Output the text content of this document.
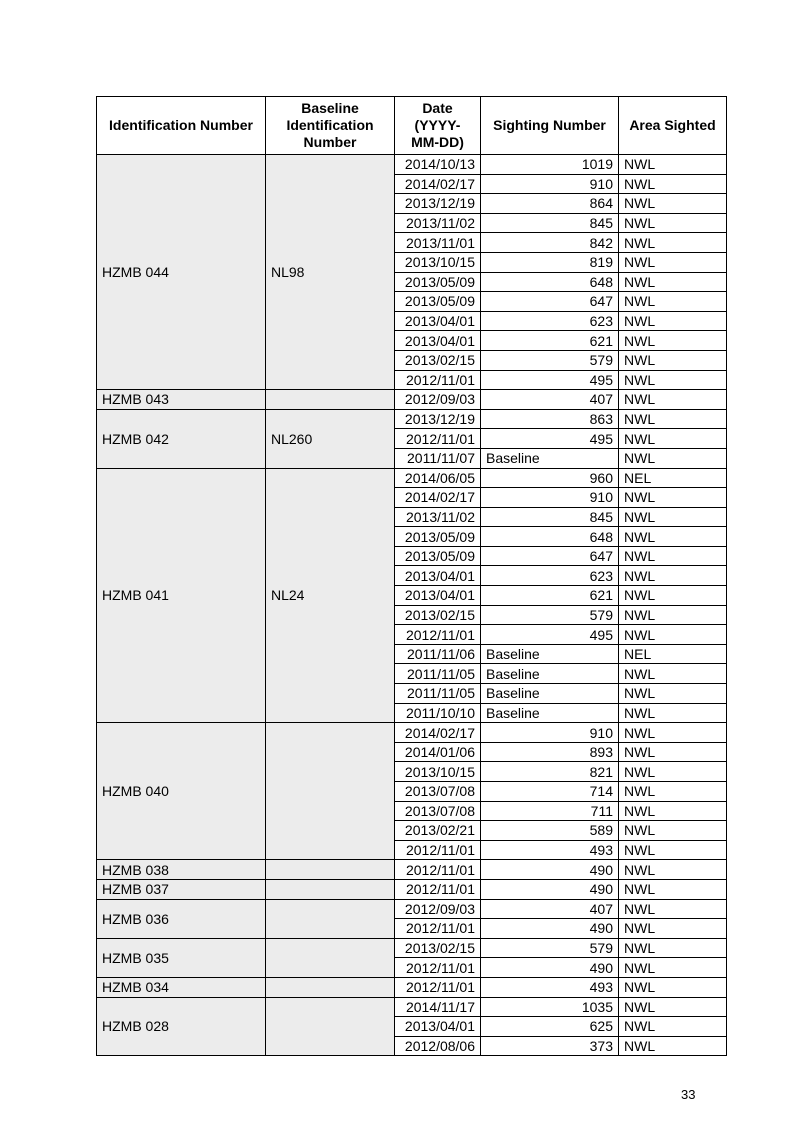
Identification Number	Baseline
Identification
Number	Date
(YYYY-
MM-DD)	Sighting Number	Area Sighted
HZMB 044	NL98	2014/10/13	1019	NWL
		2014/02/17	910	NWL
		2013/12/19	864	NWL
		2013/11/02	845	NWL
		2013/11/01	842	NWL
		2013/10/15	819	NWL
		2013/05/09	648	NWL
		2013/05/09	647	NWL
		2013/04/01	623	NWL
		2013/04/01	621	NWL
		2013/02/15	579	NWL
		2012/11/01	495	NWL
HZMB 043		2012/09/03	407	NWL
HZMB 042	NL260	2013/12/19	863	NWL
		2012/11/01	495	NWL
		2011/11/07	Baseline	NWL
HZMB 041	NL24	2014/06/05	960	NEL
		2014/02/17	910	NWL
		2013/11/02	845	NWL
		2013/05/09	648	NWL
		2013/05/09	647	NWL
		2013/04/01	623	NWL
		2013/04/01	621	NWL
		2013/02/15	579	NWL
		2012/11/01	495	NWL
		2011/11/06	Baseline	NEL
		2011/11/05	Baseline	NWL
		2011/11/05	Baseline	NWL
		2011/10/10	Baseline	NWL
HZMB 040		2014/02/17	910	NWL
		2014/01/06	893	NWL
		2013/10/15	821	NWL
		2013/07/08	714	NWL
		2013/07/08	711	NWL
		2013/02/21	589	NWL
		2012/11/01	493	NWL
HZMB 038		2012/11/01	490	NWL
HZMB 037		2012/11/01	490	NWL
HZMB 036		2012/09/03	407	NWL
		2012/11/01	490	NWL
HZMB 035		2013/02/15	579	NWL
		2012/11/01	490	NWL
HZMB 034		2012/11/01	493	NWL
HZMB 028		2014/11/17	1035	NWL
		2013/04/01	625	NWL
		2012/08/06	373	NWL
33
